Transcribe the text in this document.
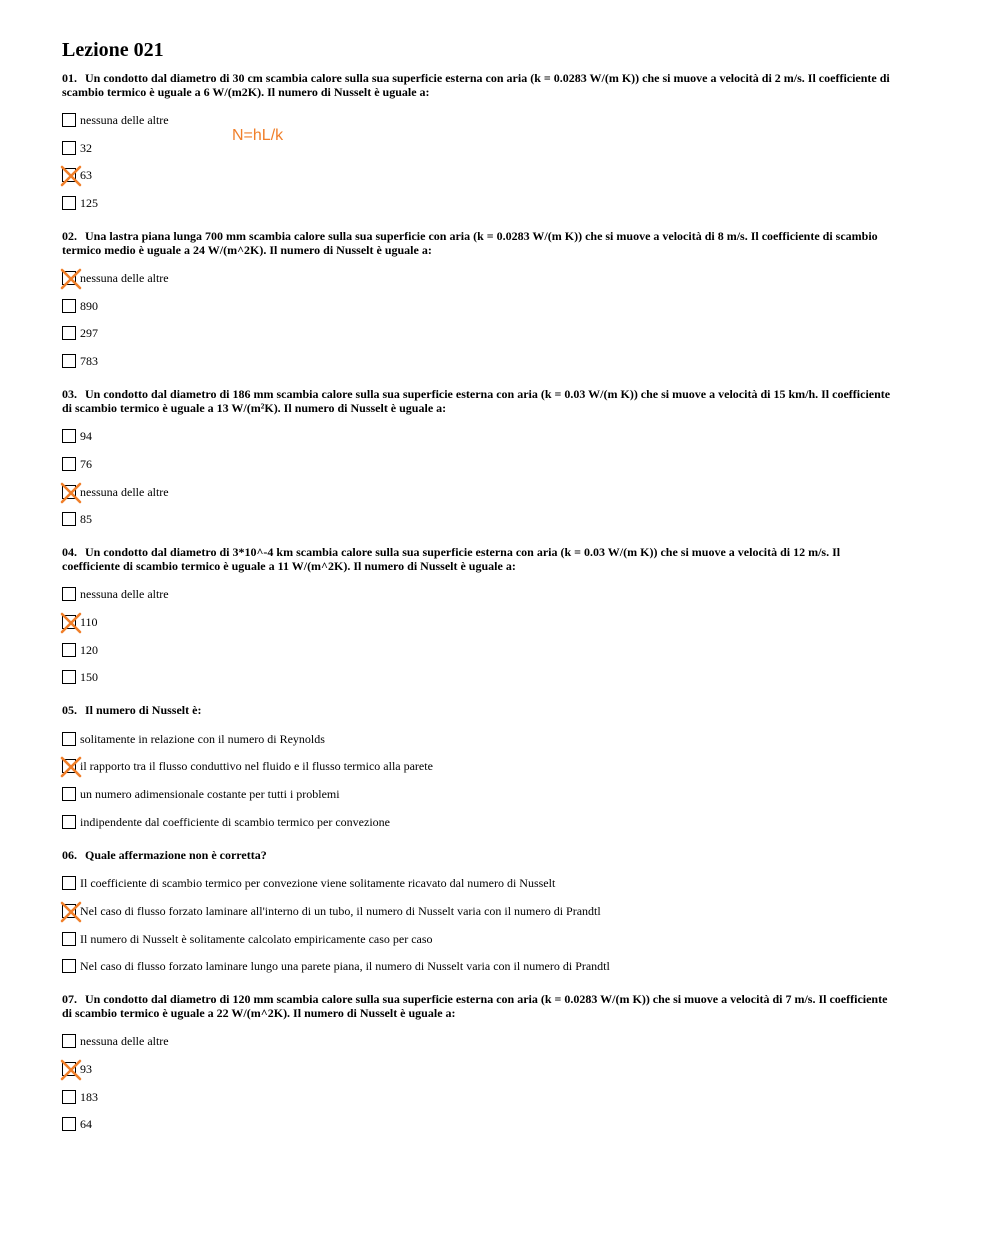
Lezione 021
01. Un condotto dal diametro di 30 cm scambia calore sulla sua superficie esterna con aria (k = 0.0283 W/(m K)) che si muove a velocità di 2 m/s. Il coefficiente di
scambio termico è uguale a 6 W/(m2K). Il numero di Nusselt è uguale a:
nessuna delle altre
32
63
125
02. Una lastra piana lunga 700 mm scambia calore sulla sua superficie con aria (k = 0.0283 W/(m K)) che si muove a velocità di 8 m/s. Il coefficiente di scambio
termico medio è uguale a 24 W/(m^2K). Il numero di Nusselt è uguale a:
nessuna delle altre
890
297
783
03. Un condotto dal diametro di 186 mm scambia calore sulla sua superficie esterna con aria (k = 0.03 W/(m K)) che si muove a velocità di 15 km/h. Il coefficiente
di scambio termico è uguale a 13 W/(m²K). Il numero di Nusselt è uguale a:
94
76
nessuna delle altre
85
04. Un condotto dal diametro di 3*10^-4 km scambia calore sulla sua superficie esterna con aria (k = 0.03 W/(m K)) che si muove a velocità di 12 m/s. Il
coefficiente di scambio termico è uguale a 11 W/(m^2K). Il numero di Nusselt è uguale a:
nessuna delle altre
110
120
150
05. Il numero di Nusselt è:
solitamente in relazione con il numero di Reynolds
il rapporto tra il flusso conduttivo nel fluido e il flusso termico alla parete
un numero adimensionale costante per tutti i problemi
indipendente dal coefficiente di scambio termico per convezione
06. Quale affermazione non è corretta?
Il coefficiente di scambio termico per convezione viene solitamente ricavato dal numero di Nusselt
Nel caso di flusso forzato laminare all'interno di un tubo, il numero di Nusselt varia con il numero di Prandtl
Il numero di Nusselt è solitamente calcolato empiricamente caso per caso
Nel caso di flusso forzato laminare lungo una parete piana, il numero di Nusselt varia con il numero di Prandtl
07. Un condotto dal diametro di 120 mm scambia calore sulla sua superficie esterna con aria (k = 0.0283 W/(m K)) che si muove a velocità di 7 m/s. Il coefficiente
di scambio termico è uguale a 22 W/(m^2K). Il numero di Nusselt è uguale a:
nessuna delle altre
93
183
64
N=hL/k
